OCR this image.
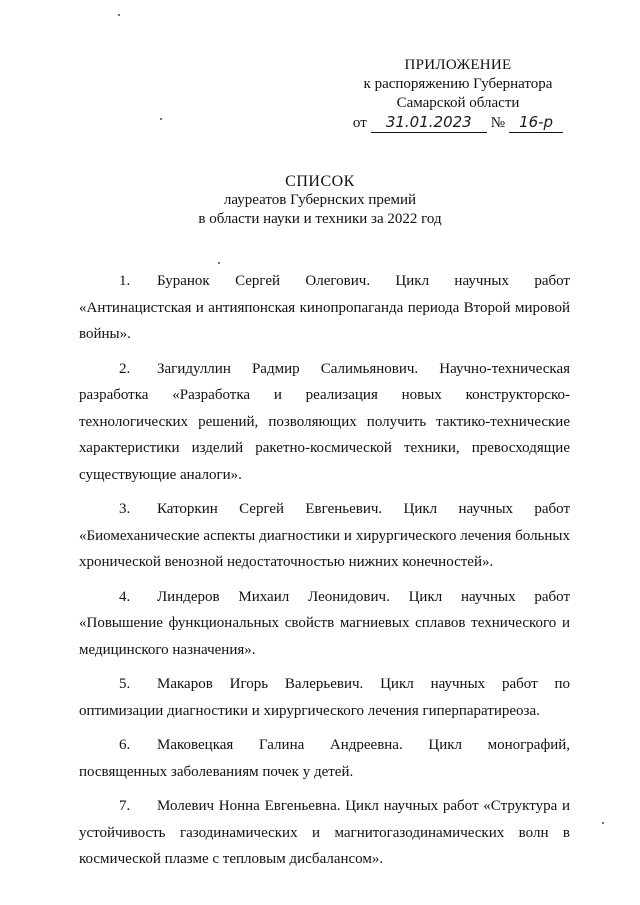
ПРИЛОЖЕНИЕ
к распоряжению Губернатора
Самарской области
от	31.01.2023	№ 16-р
СПИСОК
лауреатов Губернских премий
в области науки и техники за 2022 год

1. Буранок Сергей Олегович. Цикл научных работ «Антинацистская и антияпонская кинопропаганда периода Второй мировой войны».

2. Загидуллин Радмир Салимьянович. Научно-техническая разработка «Разработка и реализация новых конструкторско-технологических решений, позволяющих получить тактико-технические характеристики изделий ракетно-космической техники, превосходящие существующие аналоги».

3. Каторкин Сергей Евгеньевич. Цикл научных работ «Биомеханические аспекты диагностики и хирургического лечения больных хронической венозной недостаточностью нижних конечностей».

4. Линдеров Михаил Леонидович. Цикл научных работ «Повышение функциональных свойств магниевых сплавов технического и медицинского назначения».

5. Макаров Игорь Валерьевич. Цикл научных работ по оптимизации диагностики и хирургического лечения гиперпаратиреоза.

6. Маковецкая Галина Андреевна. Цикл монографий, посвященных заболеваниям почек у детей.

7. Молевич Нонна Евгеньевна. Цикл научных работ «Структура и устойчивость газодинамических и магнитогазодинамических волн в космической плазме с тепловым дисбалансом».
